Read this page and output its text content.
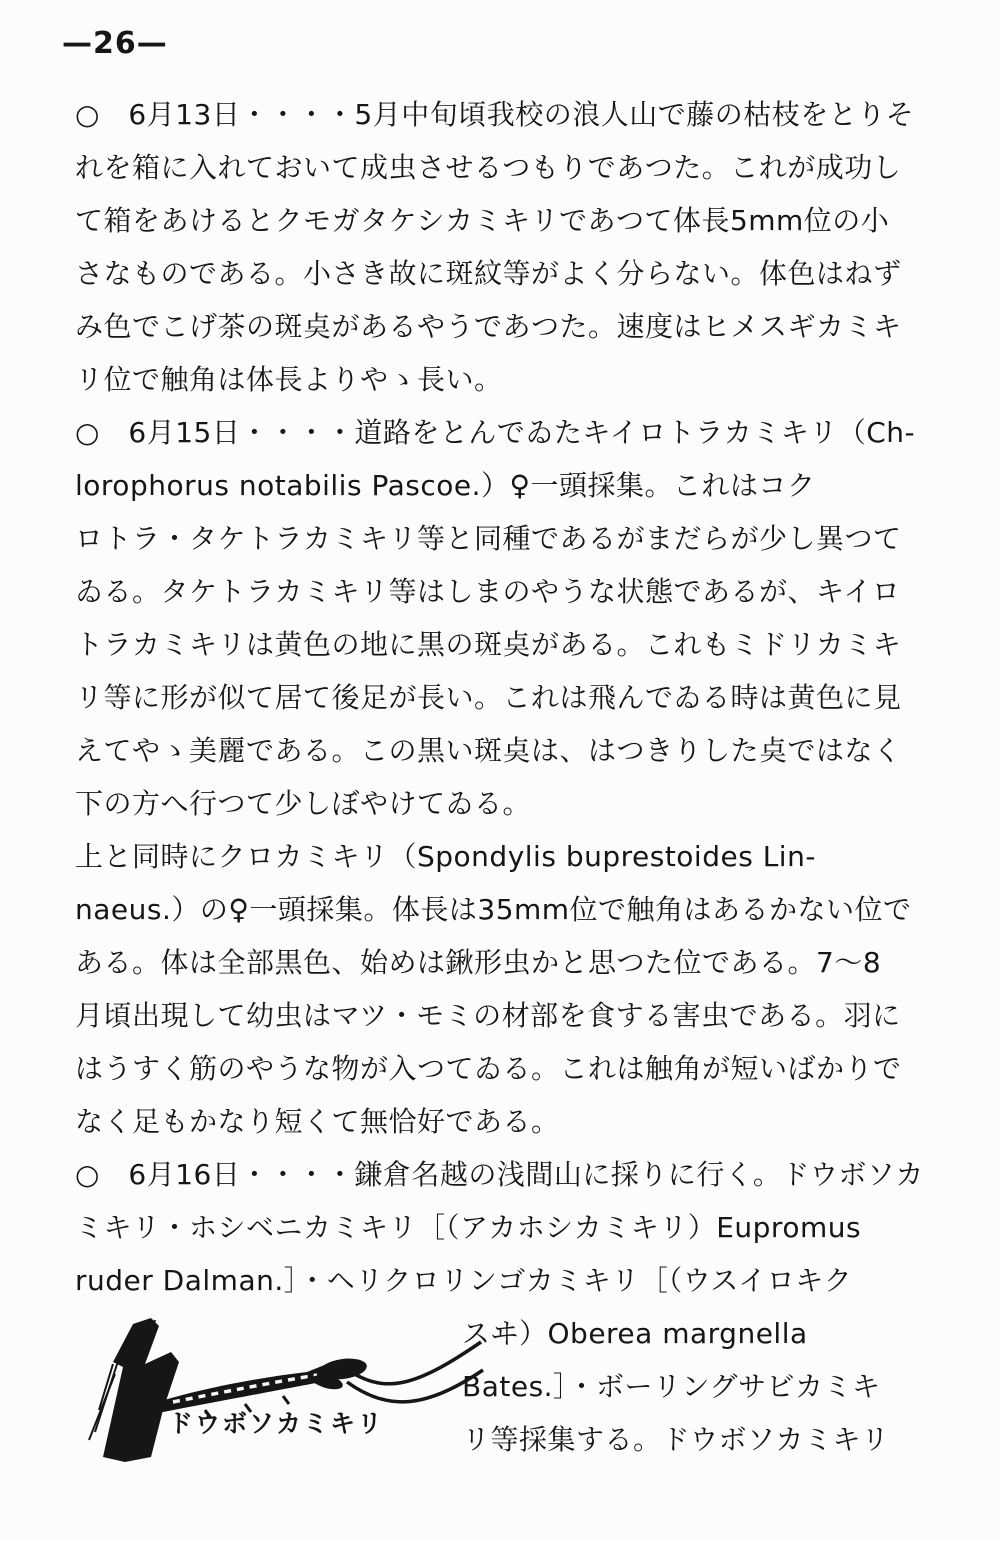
—26—
○　6月13日・・・・5月中旬頃我校の浪人山で藤の枯枝をとりそ
れを箱に入れておいて成虫させるつもりであつた。これが成功し
て箱をあけるとクモガタケシカミキリであつて体長5mm位の小
さなものである。小さき故に斑紋等がよく分らない。体色はねず
み色でこげ茶の斑奌があるやうであつた。速度はヒメスギカミキ
リ位で触角は体長よりやゝ長い。
○　6月15日・・・・道路をとんでゐたキイロトラカミキリ（Ch-
lorophorus notabilis Pascoe.）♀一頭採集。これはコク
ロトラ・タケトラカミキリ等と同種であるがまだらが少し異つて
ゐる。タケトラカミキリ等はしまのやうな状態であるが、キイロ
トラカミキリは黄色の地に黒の斑奌がある。これもミドリカミキ
リ等に形が似て居て後足が長い。これは飛んでゐる時は黄色に見
えてやゝ美麗である。この黒い斑奌は、はつきりした奌ではなく
下の方へ行つて少しぼやけてゐる。
上と同時にクロカミキリ（Spondylis buprestoides Lin-
naeus.）の♀一頭採集。体長は35mm位で触角はあるかない位で
ある。体は全部黒色、始めは鍬形虫かと思つた位である。7～8
月頃出現して幼虫はマツ・モミの材部を食する害虫である。羽に
はうすく筋のやうな物が入つてゐる。これは触角が短いばかりで
なく足もかなり短くて無恰好である。
○　6月16日・・・・鎌倉名越の浅間山に採りに行く。ドウボソカ
ミキリ・ホシベニカミキリ［（アカホシカミキリ）Eupromus
ruder Dalman.］・ヘリクロリンゴカミキリ［（ウスイロキク
スヰ）Oberea margnella
Bates.］・ボーリングサビカミキ
リ等採集する。ドウボソカミキリ
ドウボソカミキリ
